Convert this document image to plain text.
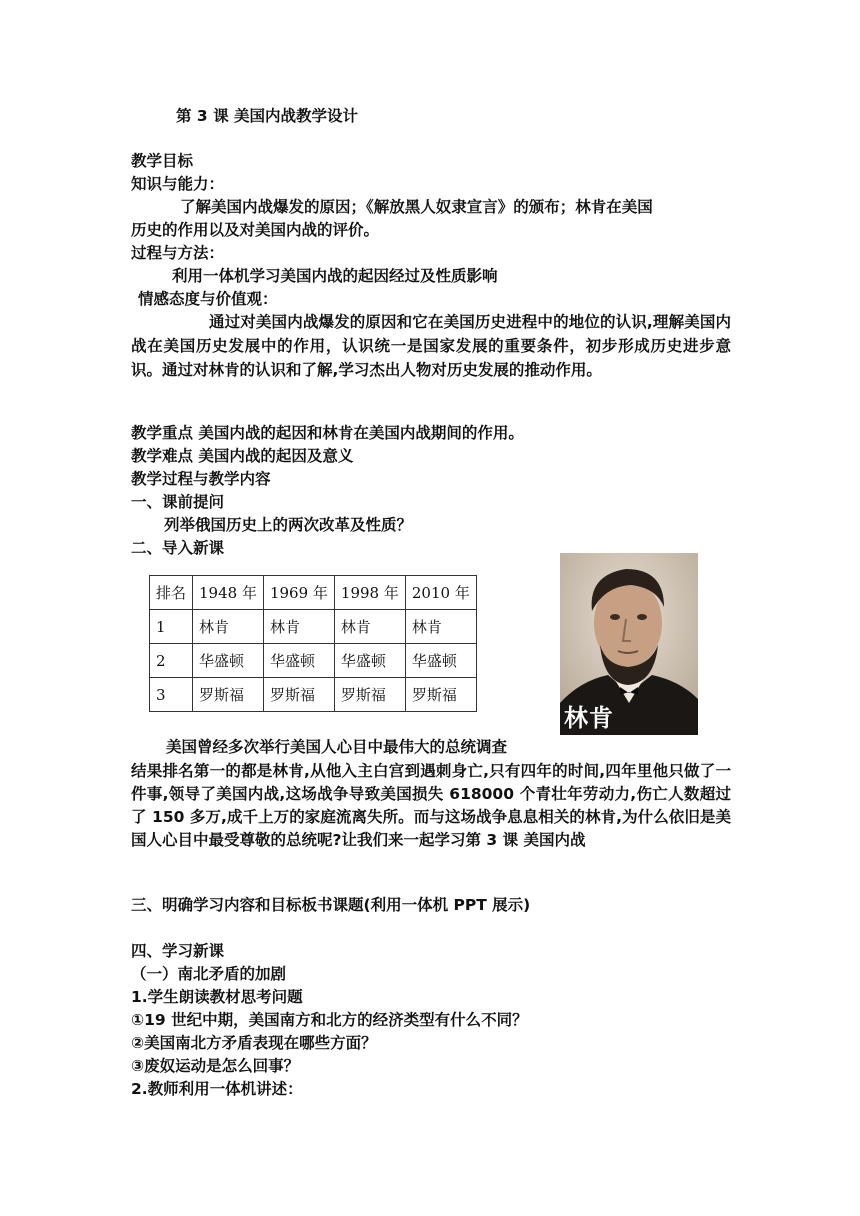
第 3 课 美国内战教学设计
教学目标
知识与能力：
了解美国内战爆发的原因；《解放黑人奴隶宣言》的颁布；林肯在美国
历史的作用以及对美国内战的评价。
过程与方法：
利用一体机学习美国内战的起因经过及性质影响
情感态度与价值观：
通过对美国内战爆发的原因和它在美国历史进程中的地位的认识,理解美国内战在美国历史发展中的作用，认识统一是国家发展的重要条件，初步形成历史进步意识。通过对林肯的认识和了解,学习杰出人物对历史发展的推动作用。
教学重点 美国内战的起因和林肯在美国内战期间的作用。
教学难点 美国内战的起因及意义
教学过程与教学内容
一、课前提问
列举俄国历史上的两次改革及性质？
二、导入新课
排名	1948 年	1969 年	1998 年	2010 年
1	林肯	林肯	林肯	林肯
2	华盛顿	华盛顿	华盛顿	华盛顿
3	罗斯福	罗斯福	罗斯福	罗斯福
林肯
美国曾经多次举行美国人心目中最伟大的总统调查
结果排名第一的都是林肯,从他入主白宫到遇刺身亡,只有四年的时间,四年里他只做了一件事,领导了美国内战,这场战争导致美国损失 618000 个青壮年劳动力,伤亡人数超过了 150 多万,成千上万的家庭流离失所。而与这场战争息息相关的林肯,为什么依旧是美国人心目中最受尊敬的总统呢?让我们来一起学习第 3 课 美国内战
三、明确学习内容和目标板书课题(利用一体机 PPT 展示)
四、学习新课
（一）南北矛盾的加剧
1.学生朗读教材思考问题
①19 世纪中期，美国南方和北方的经济类型有什么不同？
②美国南北方矛盾表现在哪些方面？
③废奴运动是怎么回事？
2.教师利用一体机讲述：
